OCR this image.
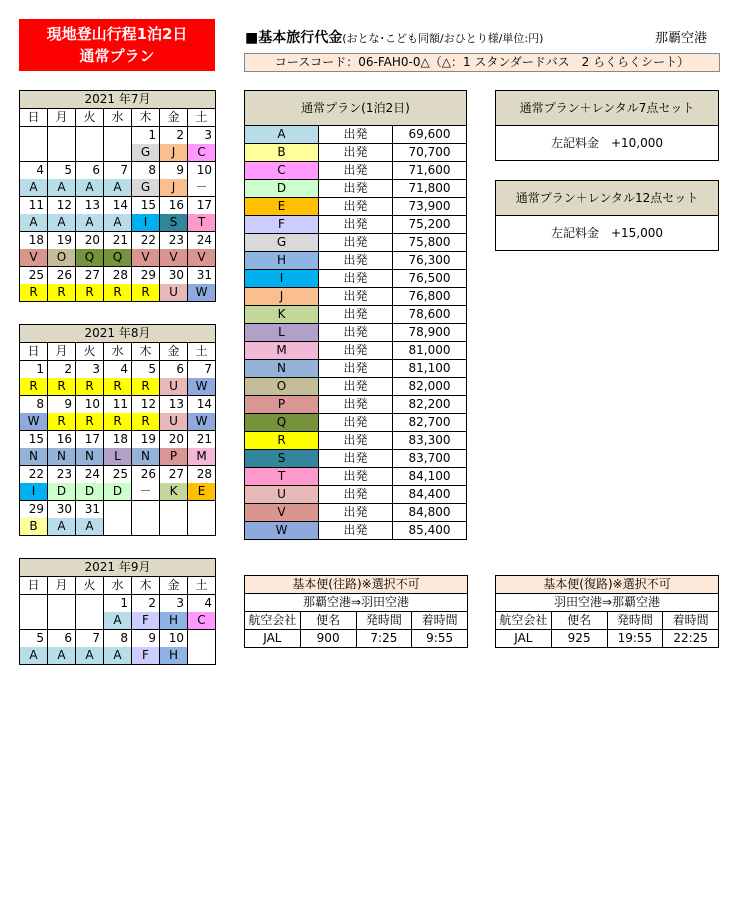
現地登山行程1泊2日
通常プラン
■基本旅行代金(おとな･こども同額/おひとり様/単位:円)	那覇空港
コースコード：06-FAH0-0△（△：1 スタンダードバス　2 らくらくシート）
2021 年7月						
日	月	火	水	木	金	土
				1	2	3
				G	J	C
4	5	6	7	8	9	10
A	A	A	A	G	J	－
11	12	13	14	15	16	17
A	A	A	A	I	S	T
18	19	20	21	22	23	24
V	O	Q	Q	V	V	V
25	26	27	28	29	30	31
R	R	R	R	R	U	W
2021 年8月						
日	月	火	水	木	金	土
1	2	3	4	5	6	7
R	R	R	R	R	U	W
8	9	10	11	12	13	14
W	R	R	R	R	U	W
15	16	17	18	19	20	21
N	N	N	L	N	P	M
22	23	24	25	26	27	28
I	D	D	D	－	K	E
29	30	31				
B	A	A				
2021 年9月						
日	月	火	水	木	金	土
			1	2	3	4
			A	F	H	C
5	6	7	8	9	10	
A	A	A	A	F	H	
通常プラン(1泊2日)		
A	出発	69,600
B	出発	70,700
C	出発	71,600
D	出発	71,800
E	出発	73,900
F	出発	75,200
G	出発	75,800
H	出発	76,300
I	出発	76,500
J	出発	76,800
K	出発	78,600
L	出発	78,900
M	出発	81,000
N	出発	81,100
O	出発	82,000
P	出発	82,200
Q	出発	82,700
R	出発	83,300
S	出発	83,700
T	出発	84,100
U	出発	84,400
V	出発	84,800
W	出発	85,400
通常プラン＋レンタル7点セット
左記料金　+10,000
通常プラン＋レンタル12点セット
左記料金　+15,000
基本便(往路)※選択不可			
那覇空港⇒羽田空港			
航空会社	便名	発時間	着時間
JAL	900	7:25	9:55
基本便(復路)※選択不可			
羽田空港⇒那覇空港			
航空会社	便名	発時間	着時間
JAL	925	19:55	22:25
